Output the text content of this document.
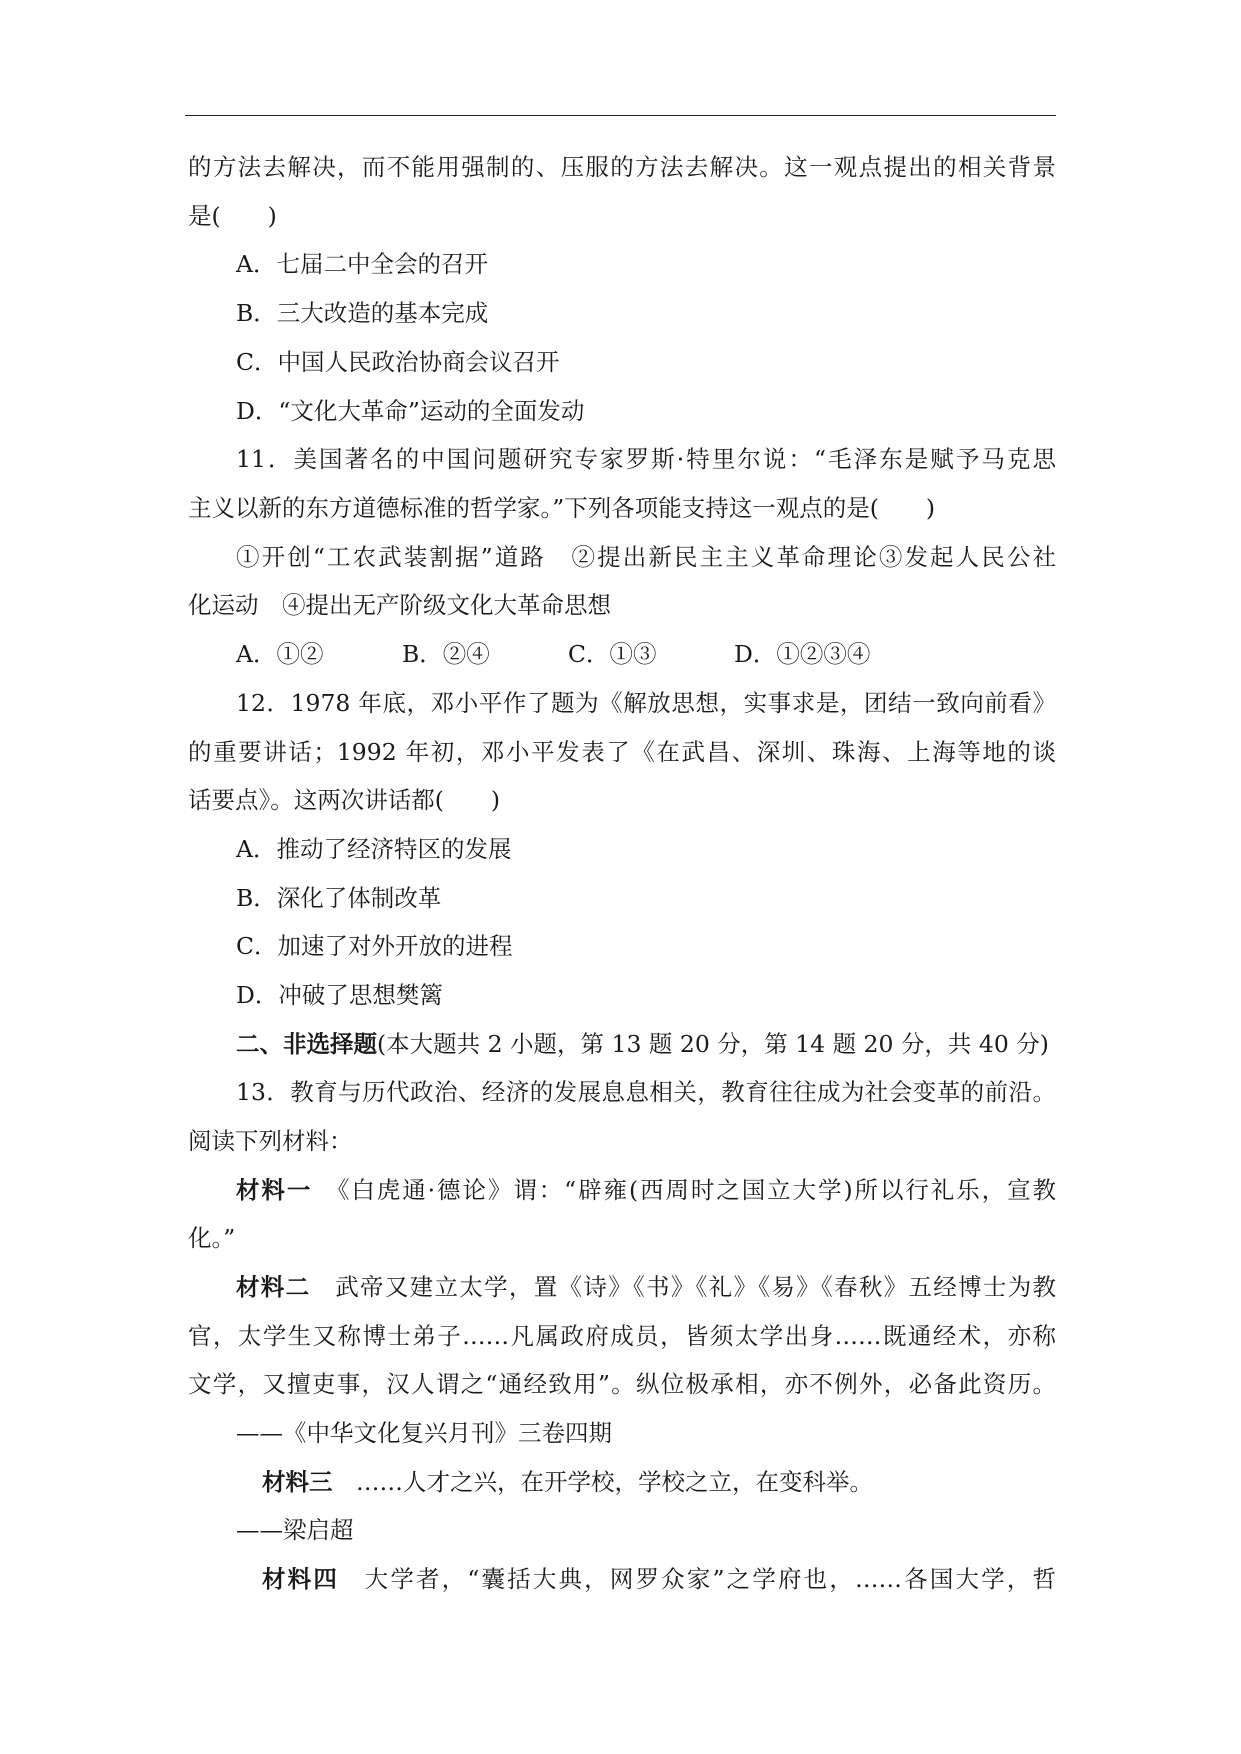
的方法去解决，而不能用强制的、压服的方法去解决。这一观点提出的相关背景
是(　　)
A．七届二中全会的召开
B．三大改造的基本完成
C．中国人民政治协商会议召开
D．“文化大革命”运动的全面发动
11．美国著名的中国问题研究专家罗斯·特里尔说：“毛泽东是赋予马克思
主义以新的东方道德标准的哲学家。”下列各项能支持这一观点的是(　　)
①开创“工农武装割据”道路　②提出新民主主义革命理论③发起人民公社
化运动　④提出无产阶级文化大革命思想
A．①②	B．②④	C．①③	D．①②③④
12．1978 年底，邓小平作了题为《解放思想，实事求是，团结一致向前看》
的重要讲话；1992 年初，邓小平发表了《在武昌、深圳、珠海、上海等地的谈
话要点》。这两次讲话都(　　)
A．推动了经济特区的发展
B．深化了体制改革
C．加速了对外开放的进程
D．冲破了思想樊篱
二、非选择题(本大题共 2 小题，第 13 题 20 分，第 14 题 20 分，共 40 分)
13．教育与历代政治、经济的发展息息相关，教育往往成为社会变革的前沿。
阅读下列材料：
材料一　《白虎通·德论》谓：“辟雍(西周时之国立大学)所以行礼乐，宣教
化。”
材料二　武帝又建立太学，置《诗》《书》《礼》《易》《春秋》五经博士为教
官，太学生又称博士弟子……凡属政府成员，皆须太学出身……既通经术，亦称
文学，又擅吏事，汉人谓之“通经致用”。纵位极承相，亦不例外，必备此资历。
——《中华文化复兴月刊》三卷四期
材料三　……人才之兴，在开学校，学校之立，在变科举。
——梁启超
材料四　大学者，“囊括大典，网罗众家”之学府也，……各国大学，哲
